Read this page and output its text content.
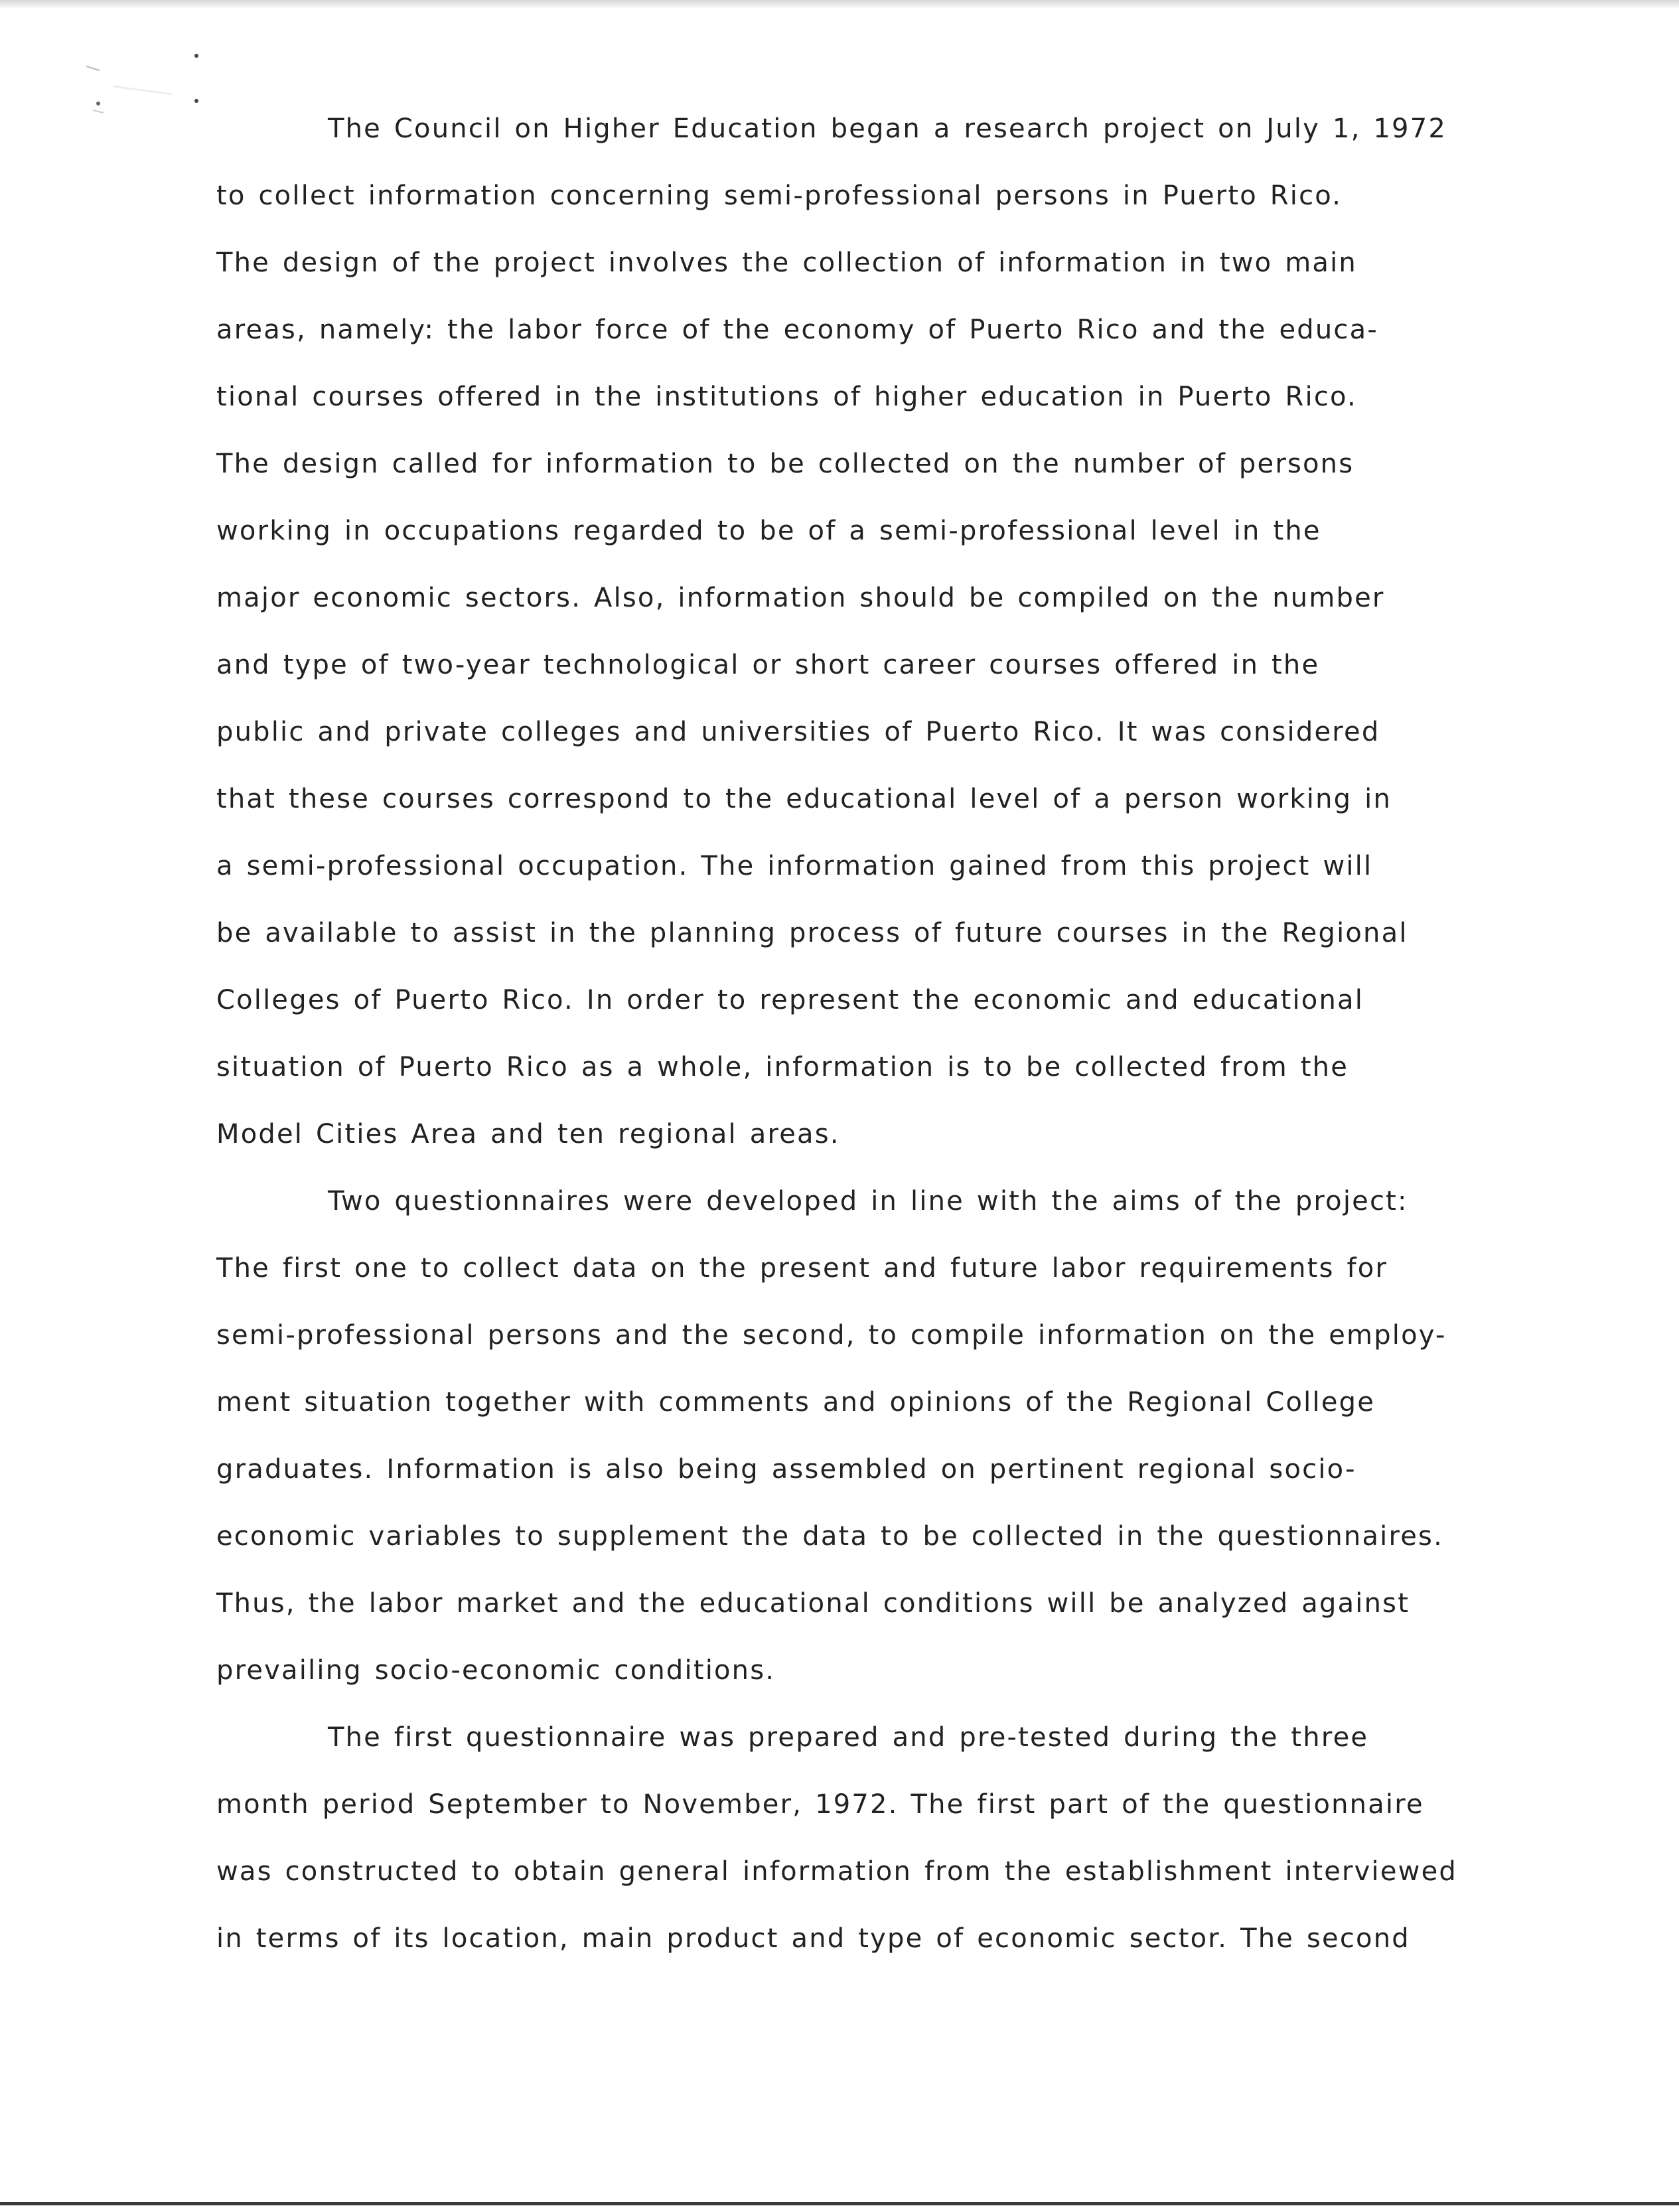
The Council on Higher Education began a research project on July 1, 1972
to collect information concerning semi-professional persons in Puerto Rico.
The design of the project involves the collection of information in two main
areas, namely: the labor force of the economy of Puerto Rico and the educa-
tional courses offered in the institutions of higher education in Puerto Rico.
The design called for information to be collected on the number of persons
working in occupations regarded to be of a semi-professional level in the
major economic sectors. Also, information should be compiled on the number
and type of two-year technological or short career courses offered in the
public and private colleges and universities of Puerto Rico. It was considered
that these courses correspond to the educational level of a person working in
a semi-professional occupation. The information gained from this project will
be available to assist in the planning process of future courses in the Regional
Colleges of Puerto Rico. In order to represent the economic and educational
situation of Puerto Rico as a whole, information is to be collected from the
Model Cities Area and ten regional areas.
Two questionnaires were developed in line with the aims of the project:
The first one to collect data on the present and future labor requirements for
semi-professional persons and the second, to compile information on the employ-
ment situation together with comments and opinions of the Regional College
graduates. Information is also being assembled on pertinent regional socio-
economic variables to supplement the data to be collected in the questionnaires.
Thus, the labor market and the educational conditions will be analyzed against
prevailing socio-economic conditions.
The first questionnaire was prepared and pre-tested during the three
month period September to November, 1972. The first part of the questionnaire
was constructed to obtain general information from the establishment interviewed
in terms of its location, main product and type of economic sector. The second
